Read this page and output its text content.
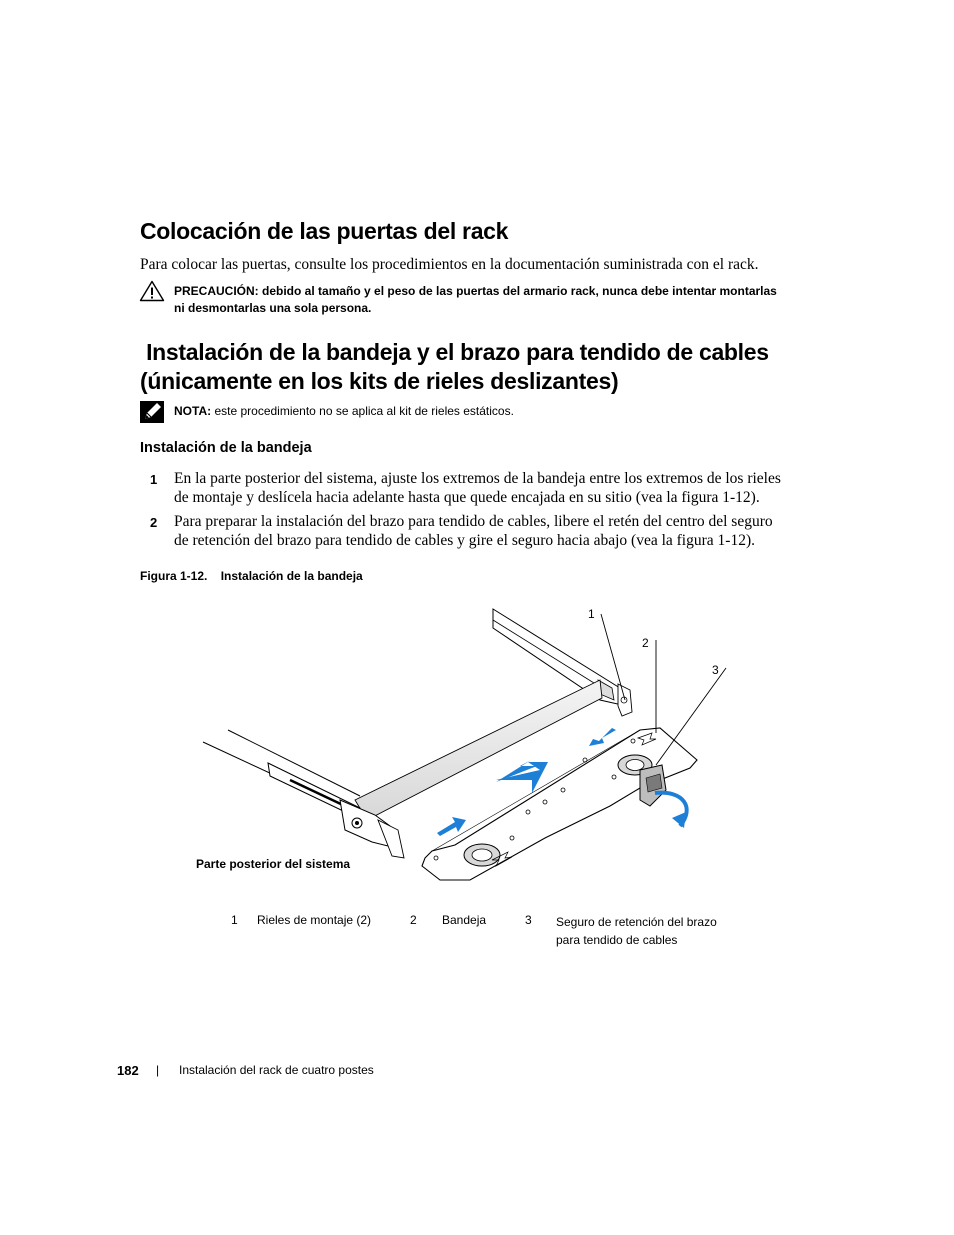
Colocación de las puertas del rack
Para colocar las puertas, consulte los procedimientos en la documentación suministrada con el rack.
PRECAUCIÓN: debido al tamaño y el peso de las puertas del armario rack, nunca debe intentar montarlas
ni desmontarlas una sola persona.
Instalación de la bandeja y el brazo para tendido de cables
(únicamente en los kits de rieles deslizantes)
NOTA: este procedimiento no se aplica al kit de rieles estáticos.
Instalación de la bandeja
1 En la parte posterior del sistema, ajuste los extremos de la bandeja entre los extremos de los rieles
de montaje y deslícela hacia adelante hasta que quede encajada en su sitio (vea la figura 1-12).
2 Para preparar la instalación del brazo para tendido de cables, libere el retén del centro del seguro
de retención del brazo para tendido de cables y gire el seguro hacia abajo (vea la figura 1-12).
Figura 1-12.    Instalación de la bandeja
1
2
3
Parte posterior del sistema
1 Rieles de montaje (2)	2 Bandeja	3 Seguro de retención del brazo
para tendido de cables
182 | Instalación del rack de cuatro postes
